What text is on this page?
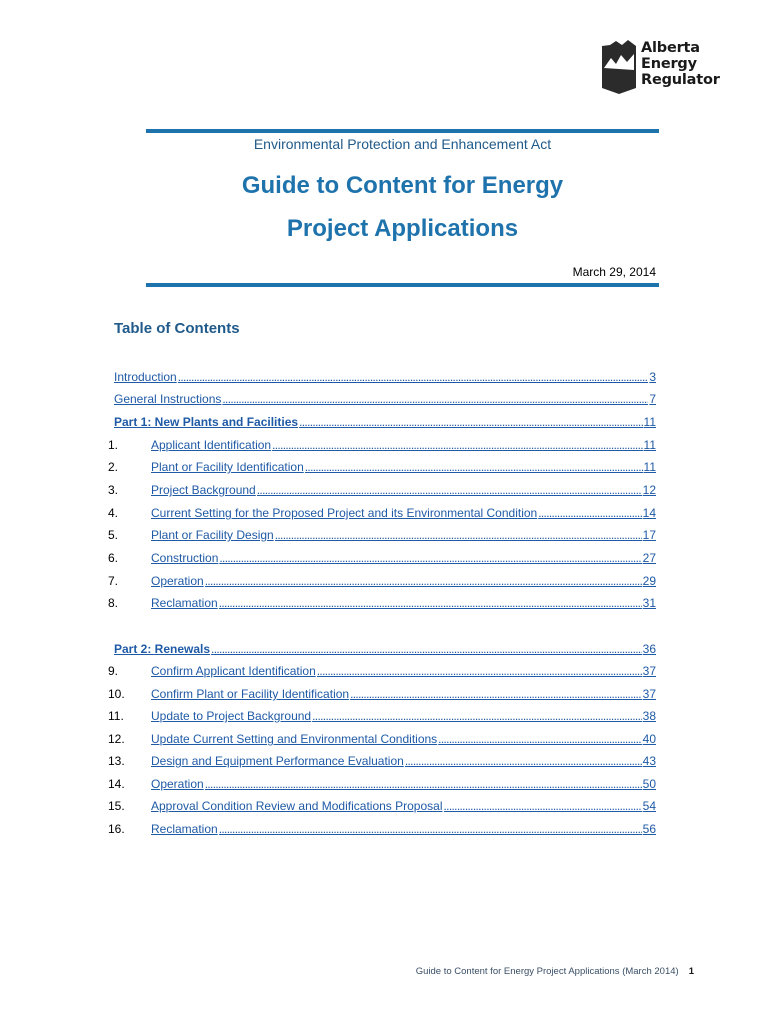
Alberta
Energy
Regulator
Environmental Protection and Enhancement Act
Guide to Content for Energy
Project Applications
March 29, 2014
Table of Contents
Introduction . . .	3
General Instructions . . .	7
Part 1: New Plants and Facilities . . .	11
1.	Applicant Identification . . .	11
2.	Plant or Facility Identification . . .	11
3.	Project Background . . .	12
4.	Current Setting for the Proposed Project and its Environmental Condition . . .	14
5.	Plant or Facility Design . . .	17
6.	Construction . . .	27
7.	Operation . . .	29
8.	Reclamation . . .	31
Part 2: Renewals . . .	36
9.	Confirm Applicant Identification . . .	37
10. Confirm Plant or Facility Identification . . .	37
11. Update to Project Background . . .	38
12. Update Current Setting and Environmental Conditions . . .	40
13. Design and Equipment Performance Evaluation . . .	43
14. Operation . . .	50
15. Approval Condition Review and Modifications Proposal . . .	54
16. Reclamation . . .	56
Guide to Content for Energy Project Applications (March 2014) 1
